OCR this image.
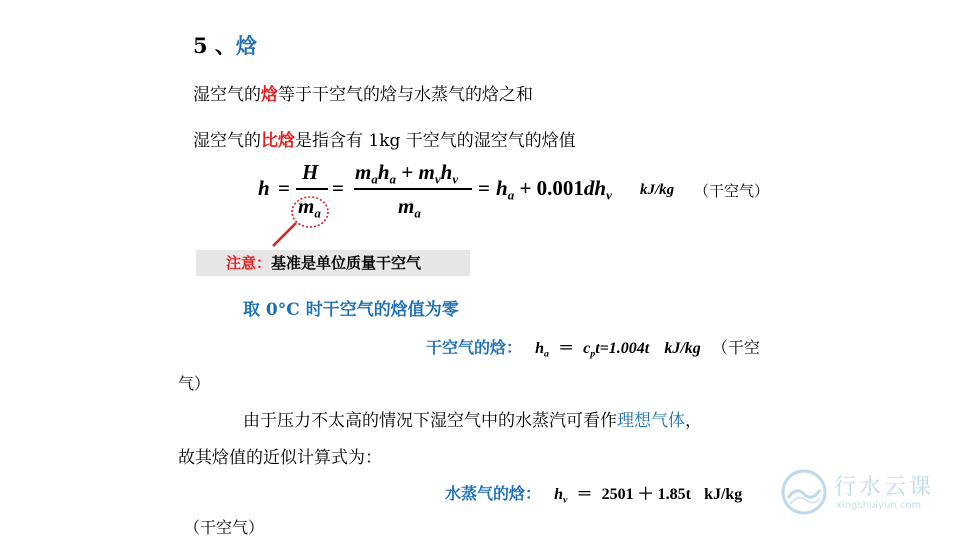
5 、焓
湿空气的焓等于干空气的焓与水蒸气的焓之和
湿空气的比焓是指含有 1kg 干空气的湿空气的焓值
h =
H
$m_a$
=
$m_ah_a + m_vh_v$
$m_a$
= $h_a + 0.001dh_v$ kJ/kg （干空气）
注意：基准是单位质量干空气
取 0°C 时干空气的焓值为零
干空气的焓： $h_a = c_pt=1.004t$ kJ/kg （干空
气）
由于压力不太高的情况下湿空气中的水蒸汽可看作理想气体，
故其焓值的近似计算式为：
水蒸气的焓： $h_v = 2501 + 1.85t$ kJ/kg
（干空气）
行水云课
xingshuiyun.com
